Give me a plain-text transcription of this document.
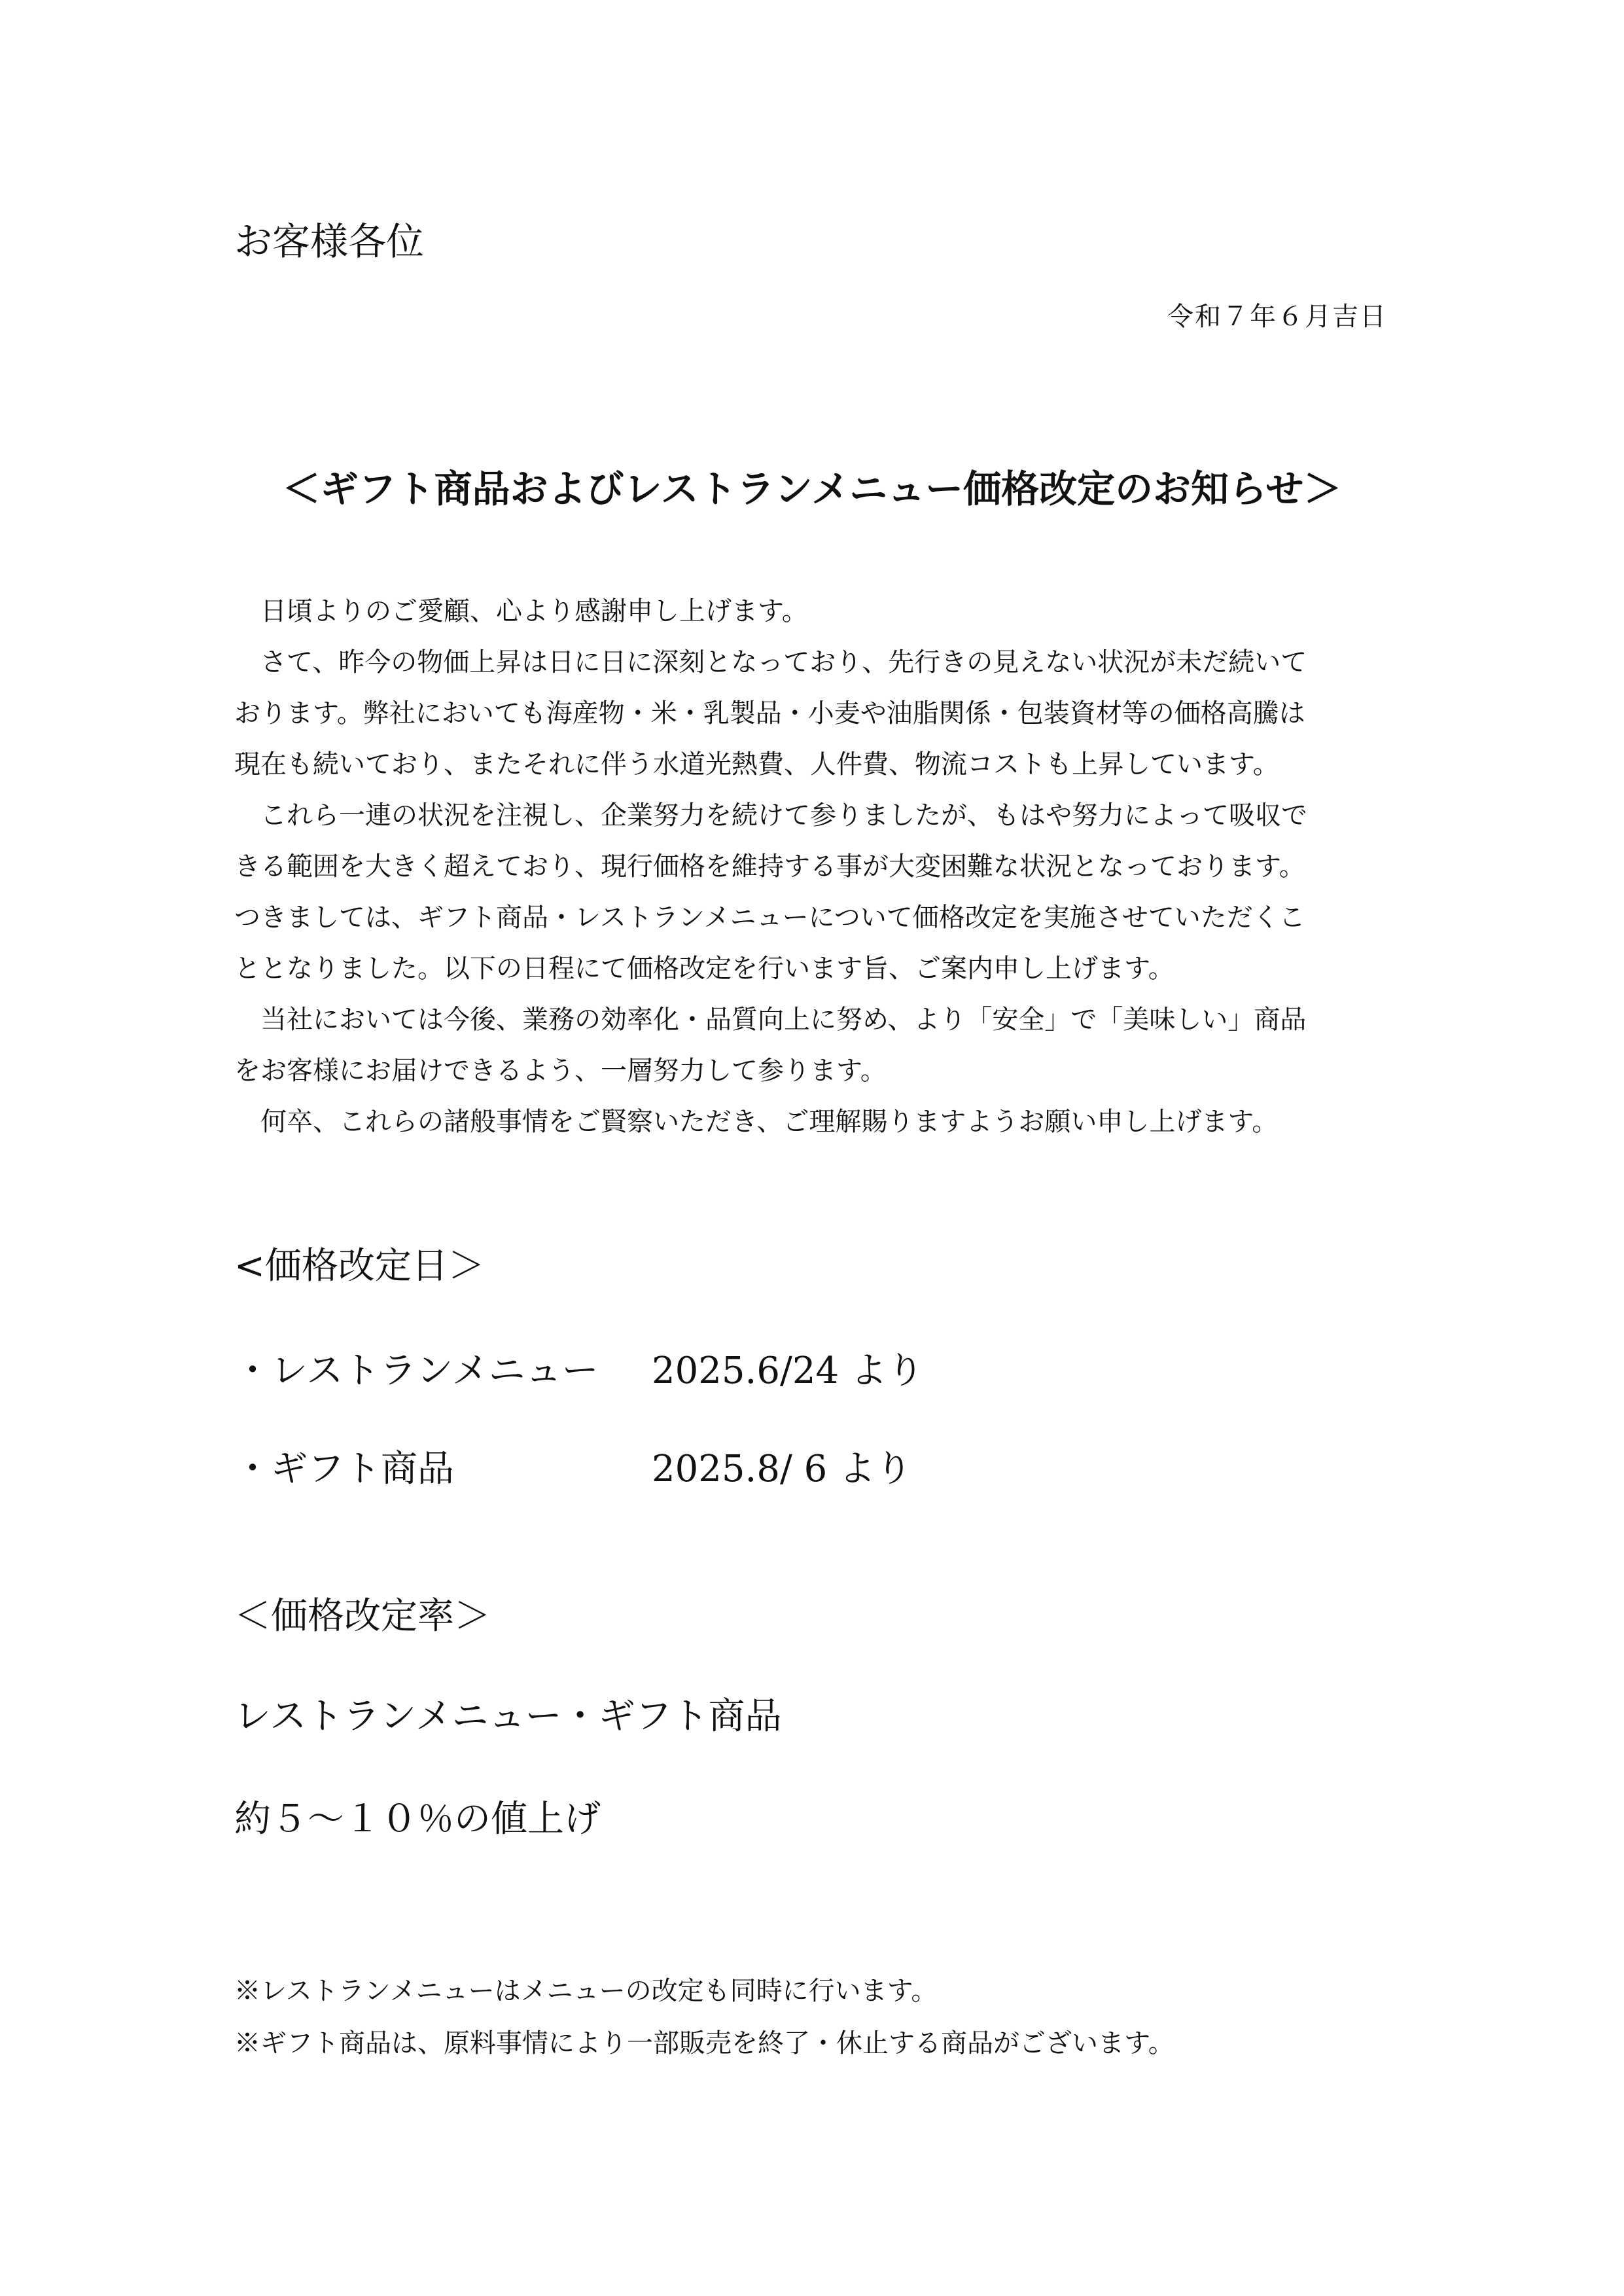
お客様各位
令和７年６月吉日
＜ギフト商品およびレストランメニュー価格改定のお知らせ＞
　日頃よりのご愛顧、心より感謝申し上げます。
　さて、昨今の物価上昇は日に日に深刻となっており、先行きの見えない状況が未だ続いて
おります。弊社においても海産物・米・乳製品・小麦や油脂関係・包装資材等の価格高騰は
現在も続いており、またそれに伴う水道光熱費、人件費、物流コストも上昇しています。
　これら一連の状況を注視し、企業努力を続けて参りましたが、もはや努力によって吸収で
きる範囲を大きく超えており、現行価格を維持する事が大変困難な状況となっております。
つきましては、ギフト商品・レストランメニューについて価格改定を実施させていただくこ
ととなりました。以下の日程にて価格改定を行います旨、ご案内申し上げます。
　当社においては今後、業務の効率化・品質向上に努め、より「安全」で「美味しい」商品
をお客様にお届けできるよう、一層努力して参ります。
　何卒、これらの諸般事情をご賢察いただき、ご理解賜りますようお願い申し上げます。
<価格改定日＞
・レストランメニュー 2025.6/24 より
・ギフト商品	2025.8/ 6 より
＜価格改定率＞
レストランメニュー・ギフト商品
約５～１０％の値上げ
※レストランメニューはメニューの改定も同時に行います。
※ギフト商品は、原料事情により一部販売を終了・休止する商品がございます。
